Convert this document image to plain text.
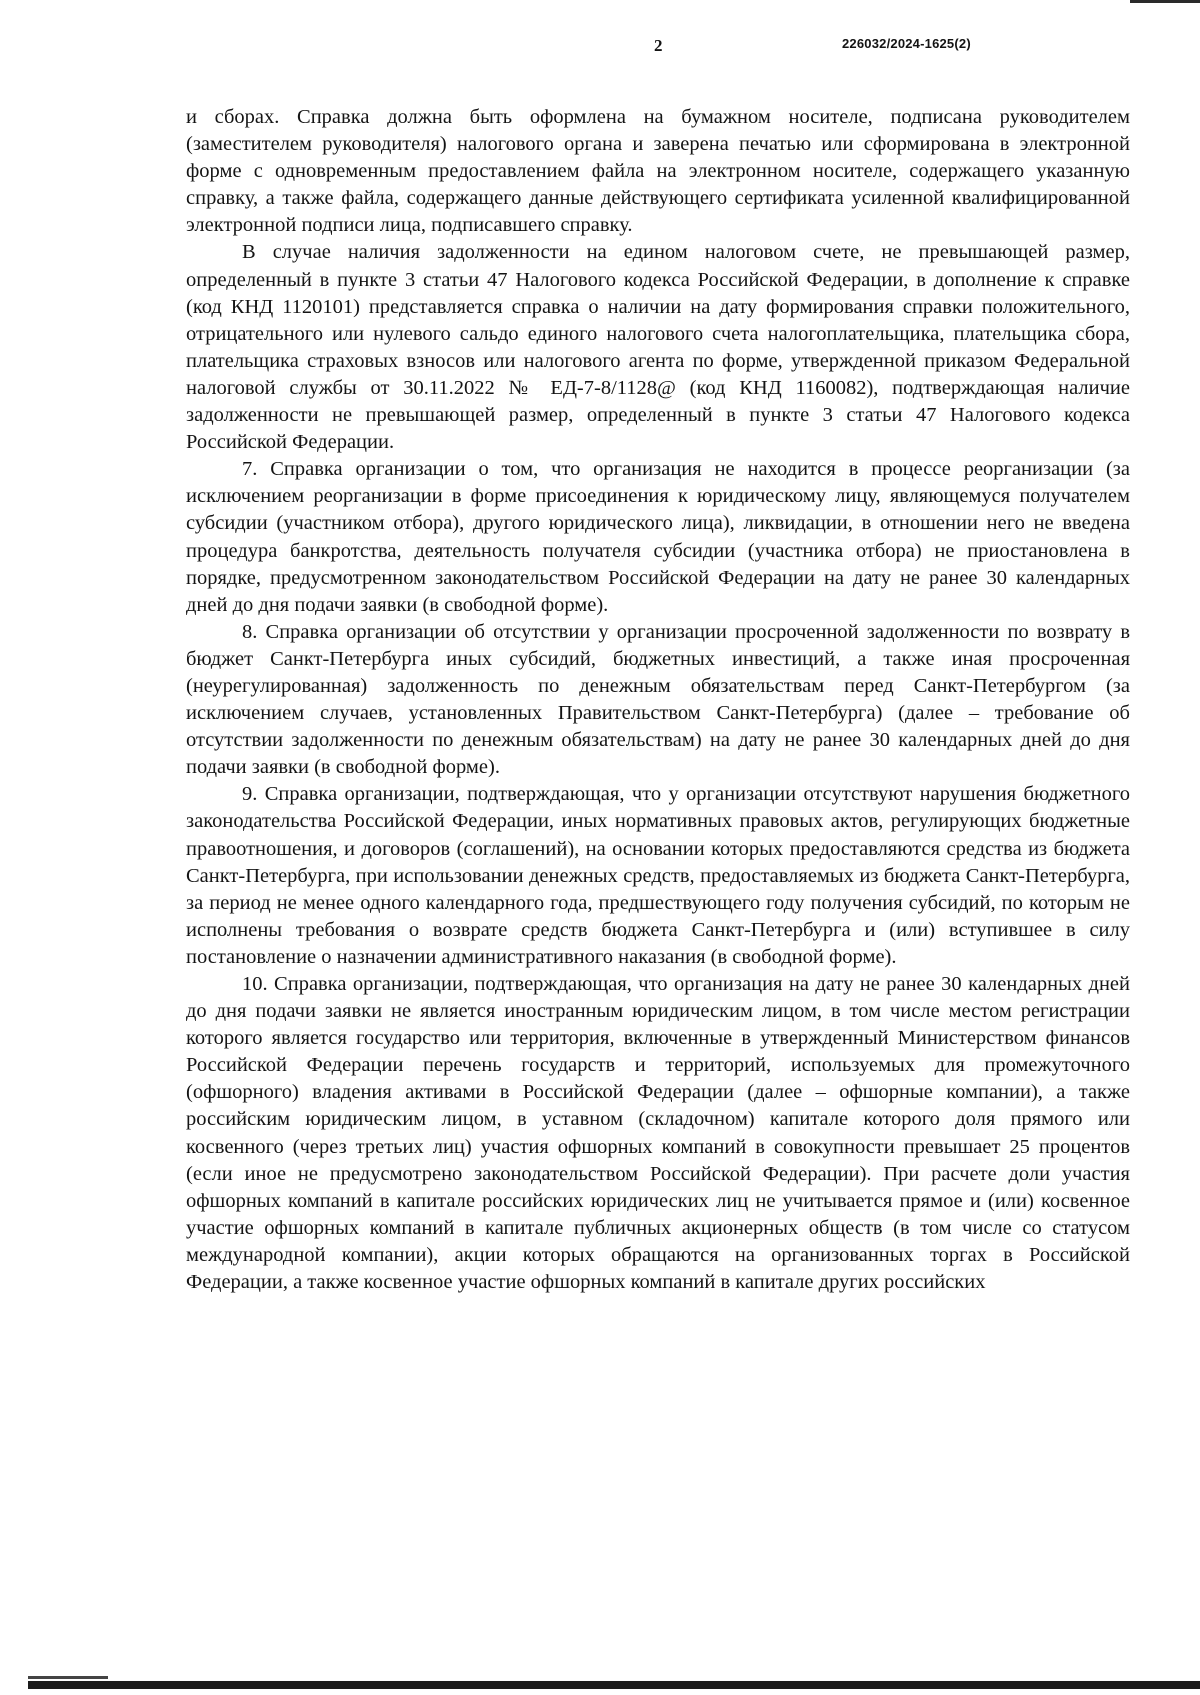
2	226032/2024-1625(2)

и сборах. Справка должна быть оформлена на бумажном носителе, подписана руководителем (заместителем руководителя) налогового органа и заверена печатью или сформирована в электронной форме с одновременным предоставлением файла на электронном носителе, содержащего указанную справку, а также файла, содержащего данные действующего сертификата усиленной квалифицированной электронной подписи лица, подписавшего справку.

В случае наличия задолженности на едином налоговом счете, не превышающей размер, определенный в пункте 3 статьи 47 Налогового кодекса Российской Федерации, в дополнение к справке (код КНД 1120101) представляется справка о наличии на дату формирования справки положительного, отрицательного или нулевого сальдо единого налогового счета налогоплательщика, плательщика сбора, плательщика страховых взносов или налогового агента по форме, утвержденной приказом Федеральной налоговой службы от 30.11.2022 № ЕД-7-8/1128@ (код КНД 1160082), подтверждающая наличие задолженности не превышающей размер, определенный в пункте 3 статьи 47 Налогового кодекса Российской Федерации.

7. Справка организации о том, что организация не находится в процессе реорганизации (за исключением реорганизации в форме присоединения к юридическому лицу, являющемуся получателем субсидии (участником отбора), другого юридического лица), ликвидации, в отношении него не введена процедура банкротства, деятельность получателя субсидии (участника отбора) не приостановлена в порядке, предусмотренном законодательством Российской Федерации на дату не ранее 30 календарных дней до дня подачи заявки (в свободной форме).

8. Справка организации об отсутствии у организации просроченной задолженности по возврату в бюджет Санкт-Петербурга иных субсидий, бюджетных инвестиций, а также иная просроченная (неурегулированная) задолженность по денежным обязательствам перед Санкт-Петербургом (за исключением случаев, установленных Правительством Санкт-Петербурга) (далее – требование об отсутствии задолженности по денежным обязательствам) на дату не ранее 30 календарных дней до дня подачи заявки (в свободной форме).

9. Справка организации, подтверждающая, что у организации отсутствуют нарушения бюджетного законодательства Российской Федерации, иных нормативных правовых актов, регулирующих бюджетные правоотношения, и договоров (соглашений), на основании которых предоставляются средства из бюджета Санкт-Петербурга, при использовании денежных средств, предоставляемых из бюджета Санкт-Петербурга, за период не менее одного календарного года, предшествующего году получения субсидий, по которым не исполнены требования о возврате средств бюджета Санкт-Петербурга и (или) вступившее в силу постановление о назначении административного наказания (в свободной форме).

10. Справка организации, подтверждающая, что организация на дату не ранее 30 календарных дней до дня подачи заявки не является иностранным юридическим лицом, в том числе местом регистрации которого является государство или территория, включенные в утвержденный Министерством финансов Российской Федерации перечень государств и территорий, используемых для промежуточного (офшорного) владения активами в Российской Федерации (далее – офшорные компании), а также российским юридическим лицом, в уставном (складочном) капитале которого доля прямого или косвенного (через третьих лиц) участия офшорных компаний в совокупности превышает 25 процентов (если иное не предусмотрено законодательством Российской Федерации). При расчете доли участия офшорных компаний в капитале российских юридических лиц не учитывается прямое и (или) косвенное участие офшорных компаний в капитале публичных акционерных обществ (в том числе со статусом международной компании), акции которых обращаются на организованных торгах в Российской Федерации, а также косвенное участие офшорных компаний в капитале других российских
